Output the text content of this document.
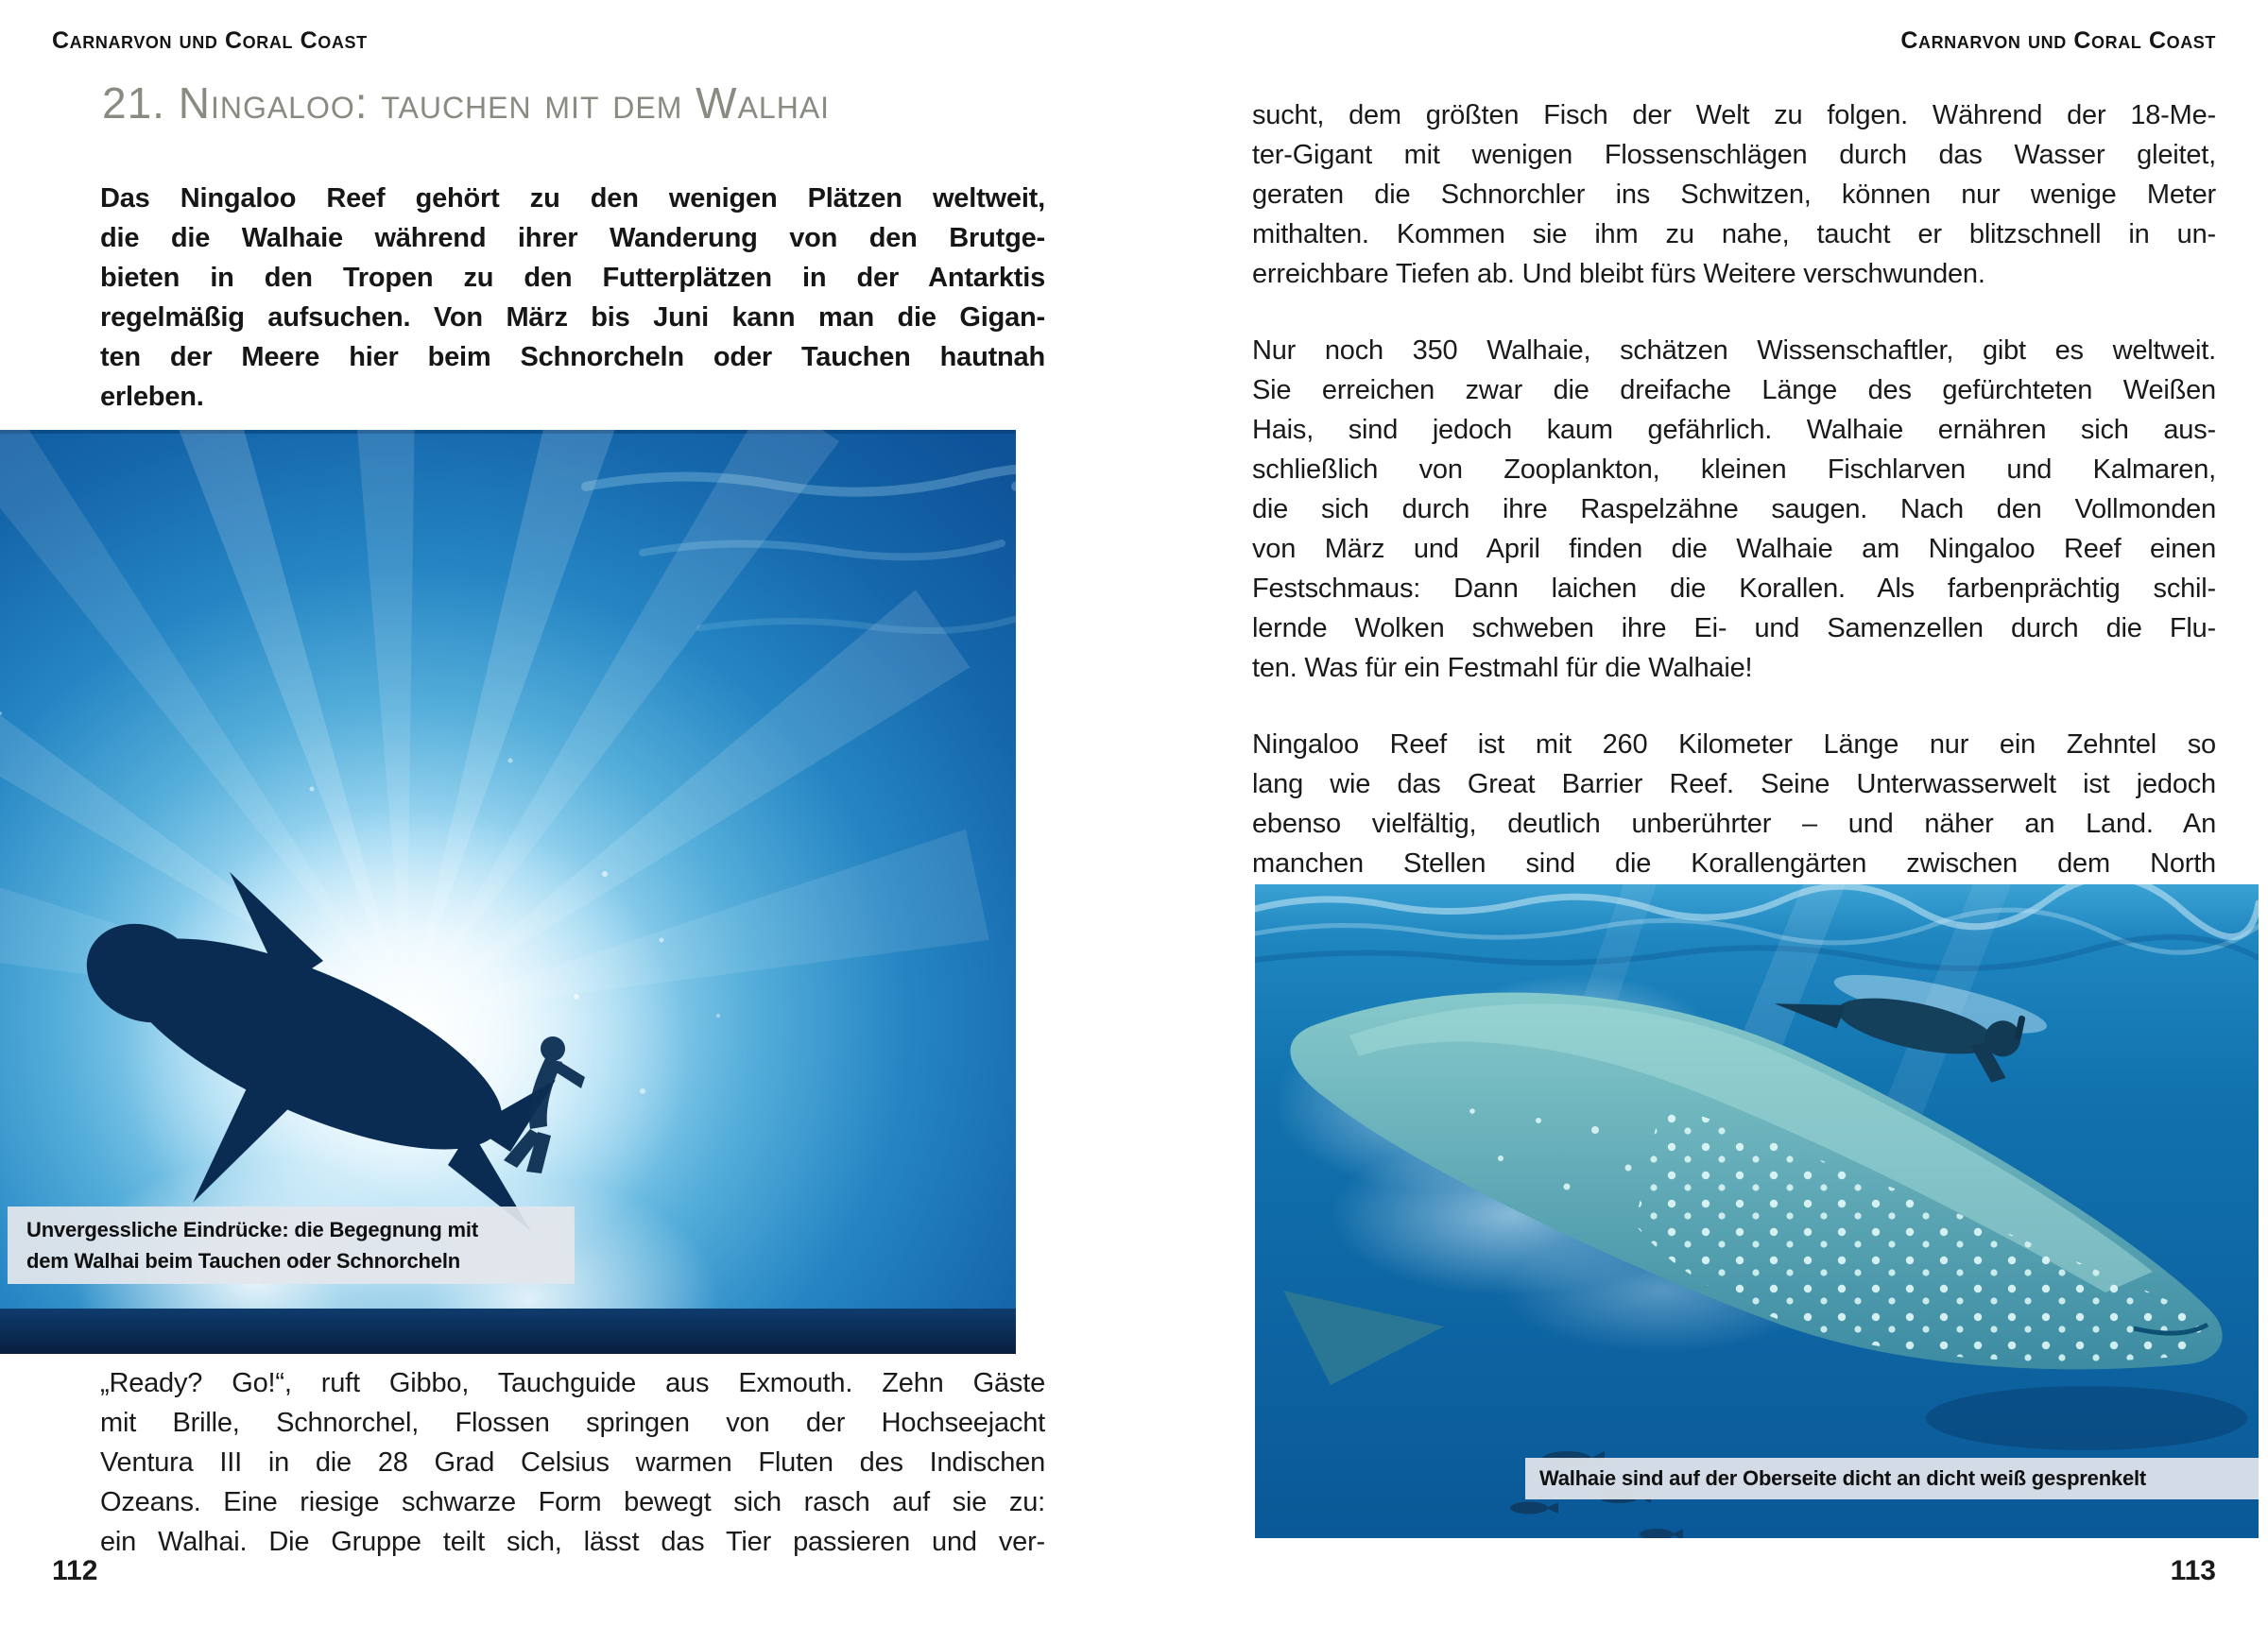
Carnarvon und Coral Coast
21. Ningaloo: tauchen mit dem Walhai
Das Ningaloo Reef gehört zu den wenigen Plätzen weltweit,
die die Walhaie während ihrer Wanderung von den Brutge-
bieten in den Tropen zu den Futterplätzen in der Antarktis
regelmäßig aufsuchen. Von März bis Juni kann man die Gigan-
ten der Meere hier beim Schnorcheln oder Tauchen hautnah
erleben.
Unvergessliche Eindrücke: die Begegnung mit
dem Walhai beim Tauchen oder Schnorcheln
„Ready? Go!“, ruft Gibbo, Tauchguide aus Exmouth. Zehn Gäste
mit Brille, Schnorchel, Flossen springen von der Hochseejacht
Ventura III in die 28 Grad Celsius warmen Fluten des Indischen
Ozeans. Eine riesige schwarze Form bewegt sich rasch auf sie zu:
ein Walhai. Die Gruppe teilt sich, lässt das Tier passieren und ver-
112
Carnarvon und Coral Coast
sucht, dem größten Fisch der Welt zu folgen. Während der 18-Me-
ter-Gigant mit wenigen Flossenschlägen durch das Wasser gleitet,
geraten die Schnorchler ins Schwitzen, können nur wenige Meter
mithalten. Kommen sie ihm zu nahe, taucht er blitzschnell in un-
erreichbare Tiefen ab. Und bleibt fürs Weitere verschwunden.
Nur noch 350 Walhaie, schätzen Wissenschaftler, gibt es weltweit.
Sie erreichen zwar die dreifache Länge des gefürchteten Weißen
Hais, sind jedoch kaum gefährlich. Walhaie ernähren sich aus-
schließlich von Zooplankton, kleinen Fischlarven und Kalmaren,
die sich durch ihre Raspelzähne saugen. Nach den Vollmonden
von März und April finden die Walhaie am Ningaloo Reef einen
Festschmaus: Dann laichen die Korallen. Als farbenprächtig schil-
lernde Wolken schweben ihre Ei- und Samenzellen durch die Flu-
ten. Was für ein Festmahl für die Walhaie!
Ningaloo Reef ist mit 260 Kilometer Länge nur ein Zehntel so
lang wie das Great Barrier Reef. Seine Unterwasserwelt ist jedoch
ebenso vielfältig, deutlich unberührter – und näher an Land. An
manchen Stellen sind die Korallengärten zwischen dem North
Walhaie sind auf der Oberseite dicht an dicht weiß gesprenkelt
113
